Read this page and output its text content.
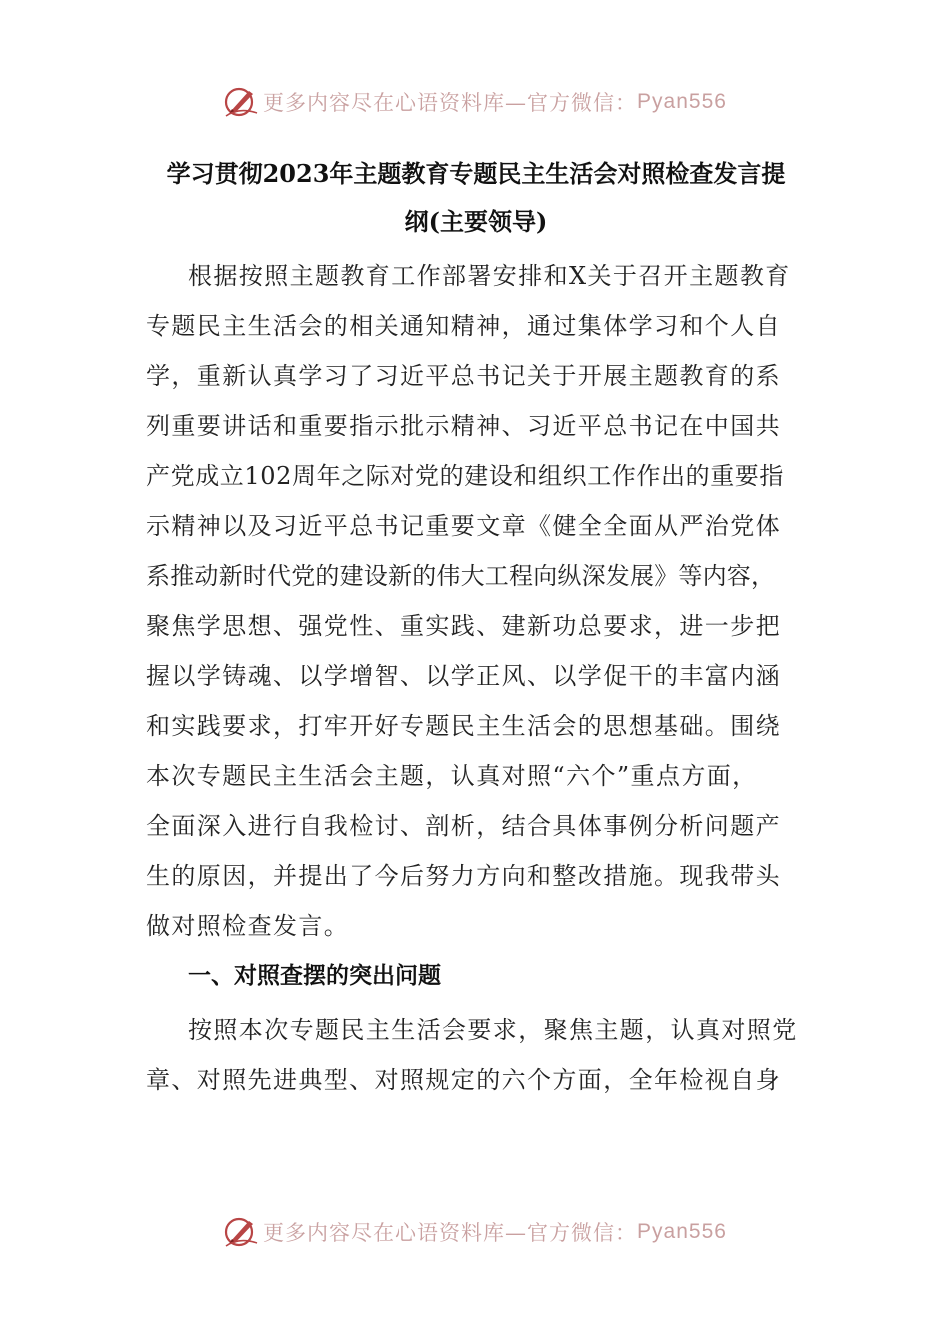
更多内容尽在心语资料库—官方微信： Pyan556
学习贯彻2023年主题教育专题民主生活会对照检查发言提
纲(主要领导)

根据按照主题教育工作部署安排和X关于召开主题教育

专题民主生活会的相关通知精神，通过集体学习和个人自

学，重新认真学习了习近平总书记关于开展主题教育的系

列重要讲话和重要指示批示精神、习近平总书记在中国共

产党成立102周年之际对党的建设和组织工作作出的重要指

示精神以及习近平总书记重要文章《健全全面从严治党体

系推动新时代党的建设新的伟大工程向纵深发展》等内容，

聚焦学思想、强党性、重实践、建新功总要求，进一步把

握以学铸魂、以学增智、以学正风、以学促干的丰富内涵

和实践要求，打牢开好专题民主生活会的思想基础。围绕

本次专题民主生活会主题，认真对照“六个”重点方面，

全面深入进行自我检讨、剖析，结合具体事例分析问题产

生的原因，并提出了今后努力方向和整改措施。现我带头

做对照检查发言。

一、对照查摆的突出问题

按照本次专题民主生活会要求，聚焦主题，认真对照党

章、对照先进典型、对照规定的六个方面，全年检视自身

更多内容尽在心语资料库—官方微信： Pyan556
